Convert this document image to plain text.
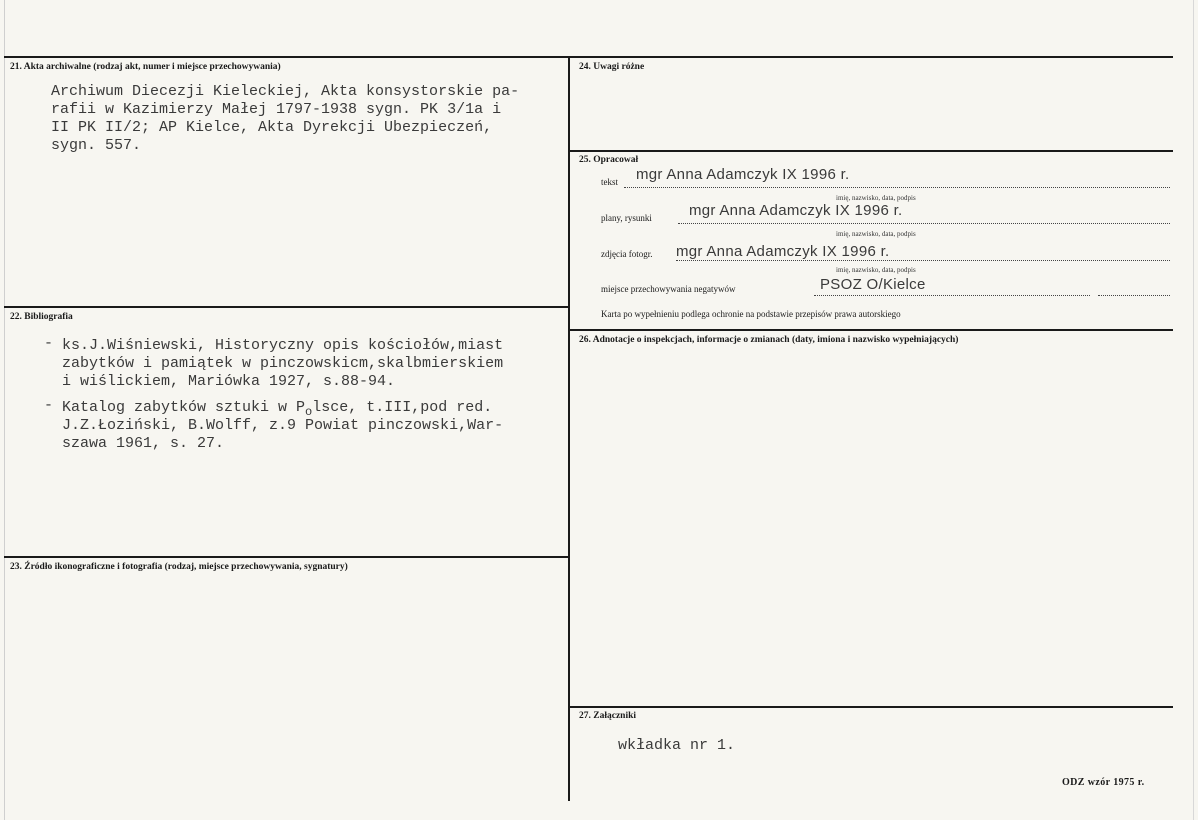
21. Akta archiwalne (rodzaj akt, numer i miejsce przechowywania)
Archiwum Diecezji Kieleckiej, Akta konsystorskie pa-
rafii w Kazimierzy Małej 1797-1938 sygn. PK 3/1a i
II PK II/2; AP Kielce, Akta Dyrekcji Ubezpieczeń,
sygn. 557.
22. Bibliografia
- ks.J.Wiśniewski, Historyczny opis kościołów,miast
zabytków i pamiątek w pinczowskicm,skalbmierskiem
i wiślickiem, Mariówka 1927, s.88-94.
- Katalog zabytków sztuki w $P_olsce$, t.III,pod red.
J.Z.Łoziński, B.Wolff, z.9 Powiat pinczowski,War-
szawa 1961, s. 27.
23. Źródło ikonograficzne i fotografia (rodzaj, miejsce przechowywania, sygnatury)
24. Uwagi różne
25. Opracował
tekst mgr Anna Adamczyk IX 1996 r.
imię, nazwisko, data, podpis
plany, rysunki mgr Anna Adamczyk IX 1996 r.
imię, nazwisko, data, podpis
zdjęcia fotogr. mgr Anna Adamczyk IX 1996 r.
imię, nazwisko, data, podpis
miejsce przechowywania negatywów	PSOZ O/Kielce
Karta po wypełnieniu podlega ochronie na podstawie przepisów prawa autorskiego
26. Adnotacje o inspekcjach, informacje o zmianach (daty, imiona i nazwisko wypełniających)
27. Załączniki
wkładka nr 1.
ODZ wzór 1975 r.
